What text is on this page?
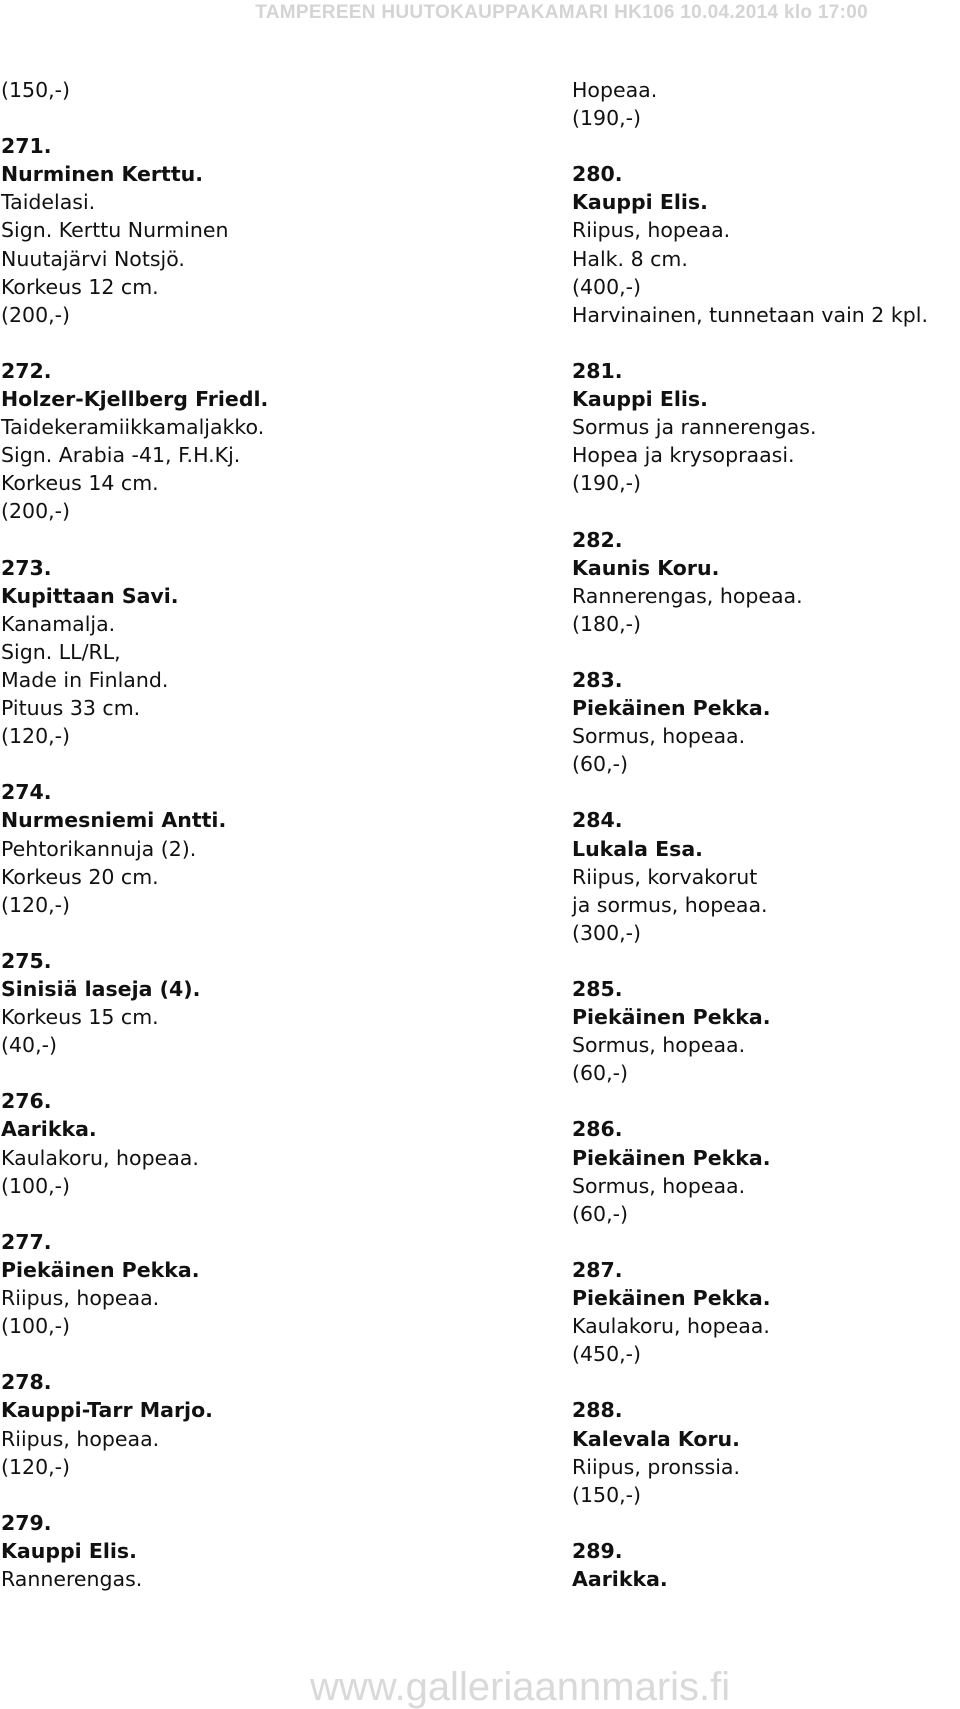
TAMPEREEN HUUTOKAUPPAKAMARI HK106 10.04.2014 klo 17:00
(150,-)
271.
Nurminen Kerttu.
Taidelasi.
Sign. Kerttu Nurminen
Nuutajärvi Notsjö.
Korkeus 12 cm.
(200,-)
272.
Holzer-Kjellberg Friedl.
Taidekeramiikkamaljakko.
Sign. Arabia -41, F.H.Kj.
Korkeus 14 cm.
(200,-)
273.
Kupittaan Savi.
Kanamalja.
Sign. LL/RL,
Made in Finland.
Pituus 33 cm.
(120,-)
274.
Nurmesniemi Antti.
Pehtorikannuja (2).
Korkeus 20 cm.
(120,-)
275.
Sinisiä laseja (4).
Korkeus 15 cm.
(40,-)
276.
Aarikka.
Kaulakoru, hopeaa.
(100,-)
277.
Piekäinen Pekka.
Riipus, hopeaa.
(100,-)
278.
Kauppi-Tarr Marjo.
Riipus, hopeaa.
(120,-)
279.
Kauppi Elis.
Rannerengas.
Hopeaa.
(190,-)
280.
Kauppi Elis.
Riipus, hopeaa.
Halk. 8 cm.
(400,-)
Harvinainen, tunnetaan vain 2 kpl.
281.
Kauppi Elis.
Sormus ja rannerengas.
Hopea ja krysopraasi.
(190,-)
282.
Kaunis Koru.
Rannerengas, hopeaa.
(180,-)
283.
Piekäinen Pekka.
Sormus, hopeaa.
(60,-)
284.
Lukala Esa.
Riipus, korvakorut
ja sormus, hopeaa.
(300,-)
285.
Piekäinen Pekka.
Sormus, hopeaa.
(60,-)
286.
Piekäinen Pekka.
Sormus, hopeaa.
(60,-)
287.
Piekäinen Pekka.
Kaulakoru, hopeaa.
(450,-)
288.
Kalevala Koru.
Riipus, pronssia.
(150,-)
289.
Aarikka.
www.galleriaannmaris.fi
